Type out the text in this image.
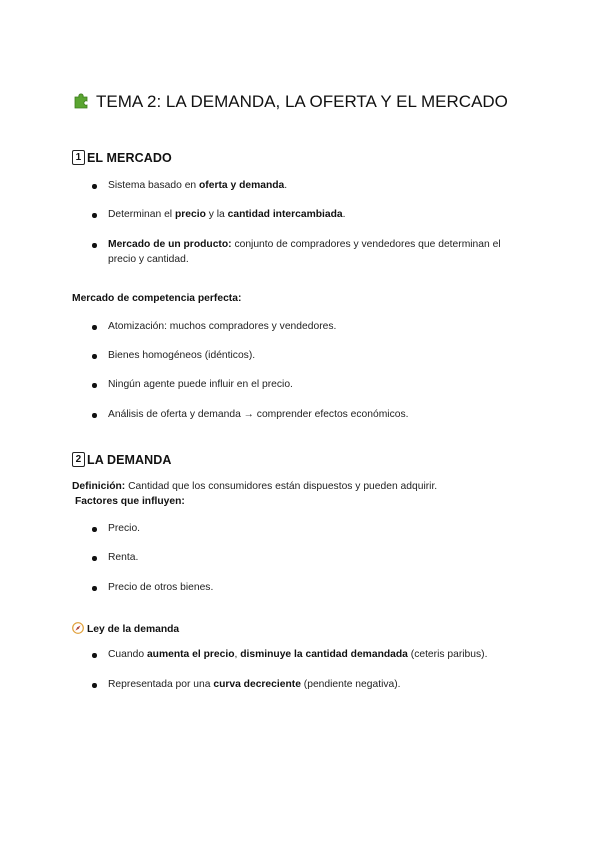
TEMA 2: LA DEMANDA, LA OFERTA Y EL MERCADO
1 EL MERCADO
Sistema basado en oferta y demanda.
Determinan el precio y la cantidad intercambiada.
Mercado de un producto: conjunto de compradores y vendedores que determinan el precio y cantidad.
Mercado de competencia perfecta:
Atomización: muchos compradores y vendedores.
Bienes homogéneos (idénticos).
Ningún agente puede influir en el precio.
Análisis de oferta y demanda → comprender efectos económicos.
2 LA DEMANDA
Definición: Cantidad que los consumidores están dispuestos y pueden adquirir.
Factores que influyen:
Precio.
Renta.
Precio de otros bienes.
Ley de la demanda
Cuando aumenta el precio, disminuye la cantidad demandada (ceteris paribus).
Representada por una curva decreciente (pendiente negativa).
